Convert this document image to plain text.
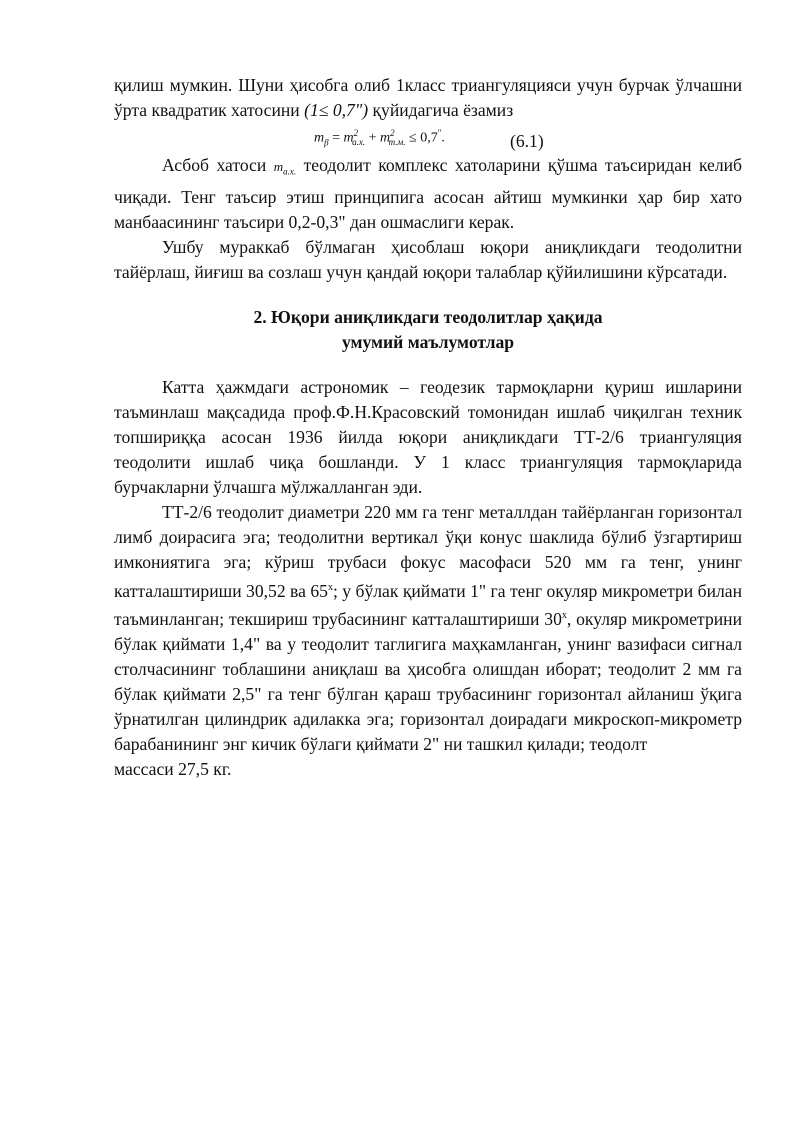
қилиш мумкин. Шуни ҳисобга олиб 1класс триангуляцияси учун бурчак ўлчашни ўрта квадратик хатосини (1≤ 0,7") қуйидагича ёзамиз

$m_\beta = m^2_{а.х.} + m^2_{т.м.} \le 0,7^"$.	(6.1)

Асбоб хатоси $m_{а.х.}$ теодолит комплекс хатоларини қўшма таъсиридан келиб чиқади. Тенг таъсир этиш принципига асосан айтиш мумкинки ҳар бир хато манбаасининг таъсири 0,2-0,3" дан ошмаслиги керак.

Ушбу мураккаб бўлмаган ҳисоблаш юқори аниқликдаги теодолитни тайёрлаш, йиғиш ва созлаш учун қандай юқори талаблар қўйилишини кўрсатади.

2. Юқори аниқликдаги теодолитлар ҳақида
умумий маълумотлар

Катта ҳажмдаги астрономик – геодезик тармоқларни қуриш ишларини таъминлаш мақсадида проф.Ф.Н.Красовский томонидан ишлаб чиқилган техник топшириққа асосан 1936 йилда юқори аниқликдаги ТТ-2/6 триангуляция теодолити ишлаб чиқа бошланди. У 1 класс триангуляция тармоқларида бурчакларни ўлчашга мўлжалланган эди.

ТТ-2/6 теодолит диаметри 220 мм га тенг металлдан тайёрланган горизонтал лимб доирасига эга; теодолитни вертикал ўқи конус шаклида бўлиб ўзгартириш имкониятига эга; кўриш трубаси фокус масофаси 520 мм га тенг, унинг катталаштириши 30,52 ва $65^х$; у бўлак қиймати 1" га тенг окуляр микрометри билан таъминланган; текшириш трубасининг катталаштириши $30^х$, окуляр микрометрини бўлак қиймати 1,4" ва у теодолит таглигига маҳкамланган, унинг вазифаси сигнал столчасининг тоблашини аниқлаш ва ҳисобга олишдан иборат; теодолит 2 мм га бўлак қиймати 2,5" га тенг бўлган қараш трубасининг горизонтал айланиш ўқига ўрнатилган цилиндрик адилакка эга; горизонтал доирадаги микроскоп-микрометр барабанининг энг кичик бўлаги қиймати 2" ни ташкил қилади; теодолт

массаси 27,5 кг.
